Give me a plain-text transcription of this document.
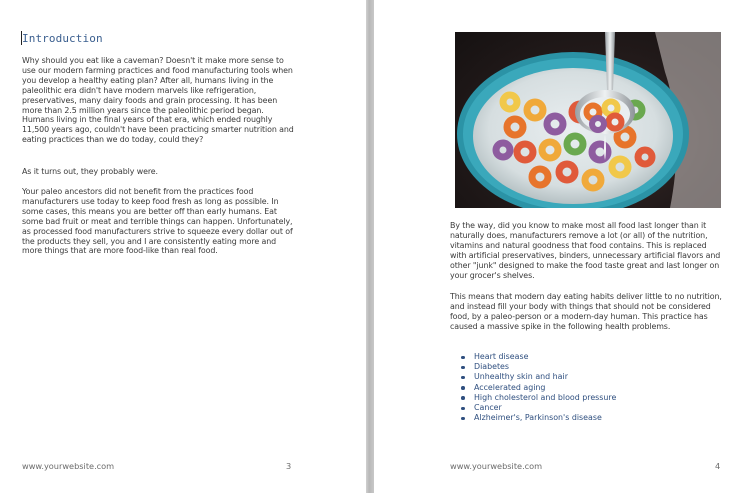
Introduction

Why should you eat like a caveman? Doesn't it make more sense to use our modern farming practices and food manufacturing tools when you develop a healthy eating plan? After all, humans living in the paleolithic era didn't have modern marvels like refrigeration, preservatives, many dairy foods and grain processing. It has been more than 2.5 million years since the paleolithic period began. Humans living in the final years of that era, which ended roughly 11,500 years ago, couldn't have been practicing smarter nutrition and eating practices than we do today, could they?

As it turns out, they probably were.

Your paleo ancestors did not benefit from the practices food manufacturers use today to keep food fresh as long as possible. In some cases, this means you are better off than early humans. Eat some bad fruit or meat and terrible things can happen. Unfortunately, as processed food manufacturers strive to squeeze every dollar out of the products they sell, you and I are consistently eating more and more things that are more food-like than real food.

www.yourwebsite.com	3

By the way, did you know to make most all food last longer than it naturally does, manufacturers remove a lot (or all) of the nutrition, vitamins and natural goodness that food contains. This is replaced with artificial preservatives, binders, unnecessary artificial flavors and other "junk" designed to make the food taste great and last longer on your grocer's shelves.

This means that modern day eating habits deliver little to no nutrition, and instead fill your body with things that should not be considered food, by a paleo-person or a modern-day human. This practice has caused a massive spike in the following health problems.

Heart disease
Diabetes
Unhealthy skin and hair
Accelerated aging
High cholesterol and blood pressure
Cancer
Alzheimer's, Parkinson's disease
www.yourwebsite.com	4
